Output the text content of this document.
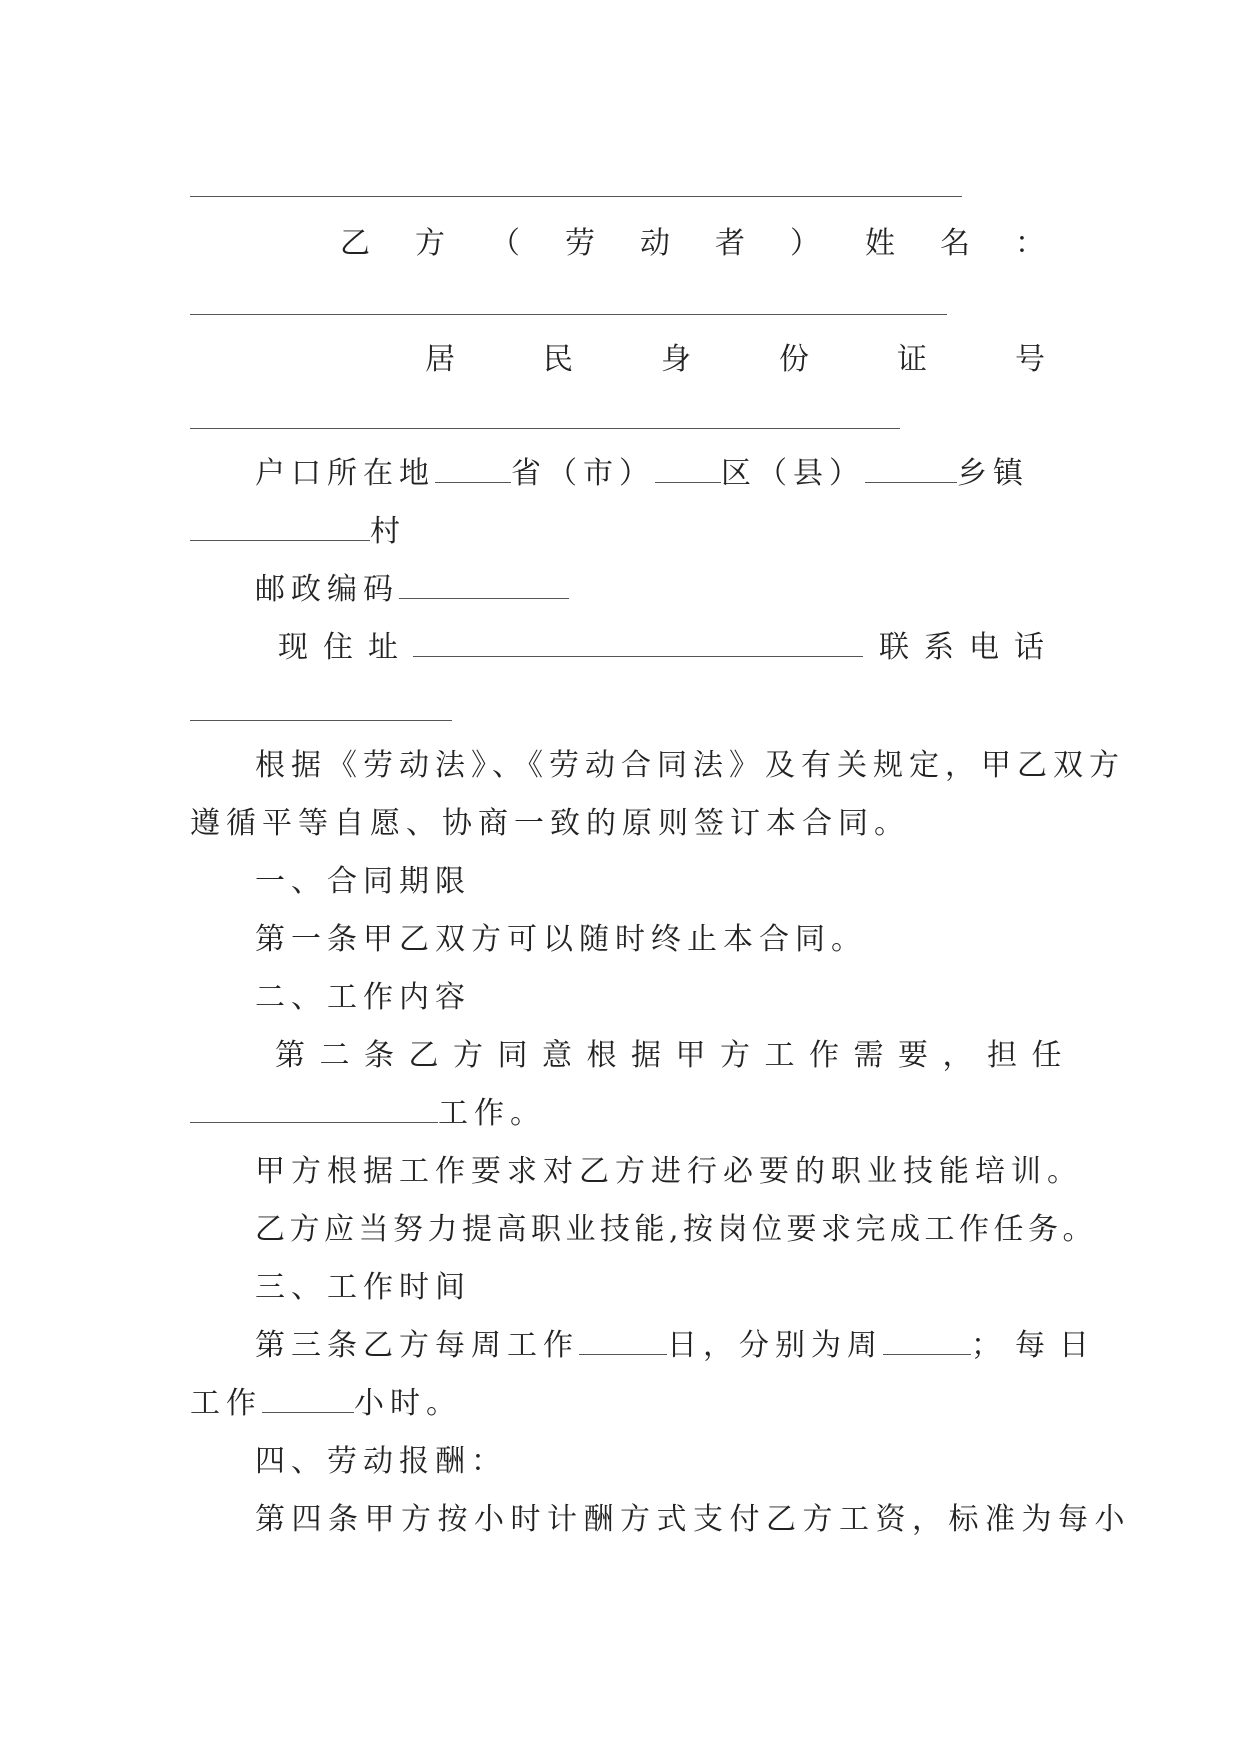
乙 方 （ 劳 动 者 ） 姓 名 ：
居	民	身	份	证	号
户口所在地	省（市） 区（县）	乡镇
村
邮政编码
现住址	联系电话
根据《劳动法》、《劳动合同法》及有关规定，甲乙双方
遵循平等自愿、协商一致的原则签订本合同。
一、合同期限
第一条甲乙双方可以随时终止本合同。
二、工作内容
第二条乙方同意根据甲方工作需要，担任
工作。
甲方根据工作要求对乙方进行必要的职业技能培训。
乙方应当努力提高职业技能,按岗位要求完成工作任务。
三、工作时间
第三条乙方每周工作	日，分别为周	；每日
工作	小时。
四、劳动报酬：
第四条甲方按小时计酬方式支付乙方工资，标准为每小
